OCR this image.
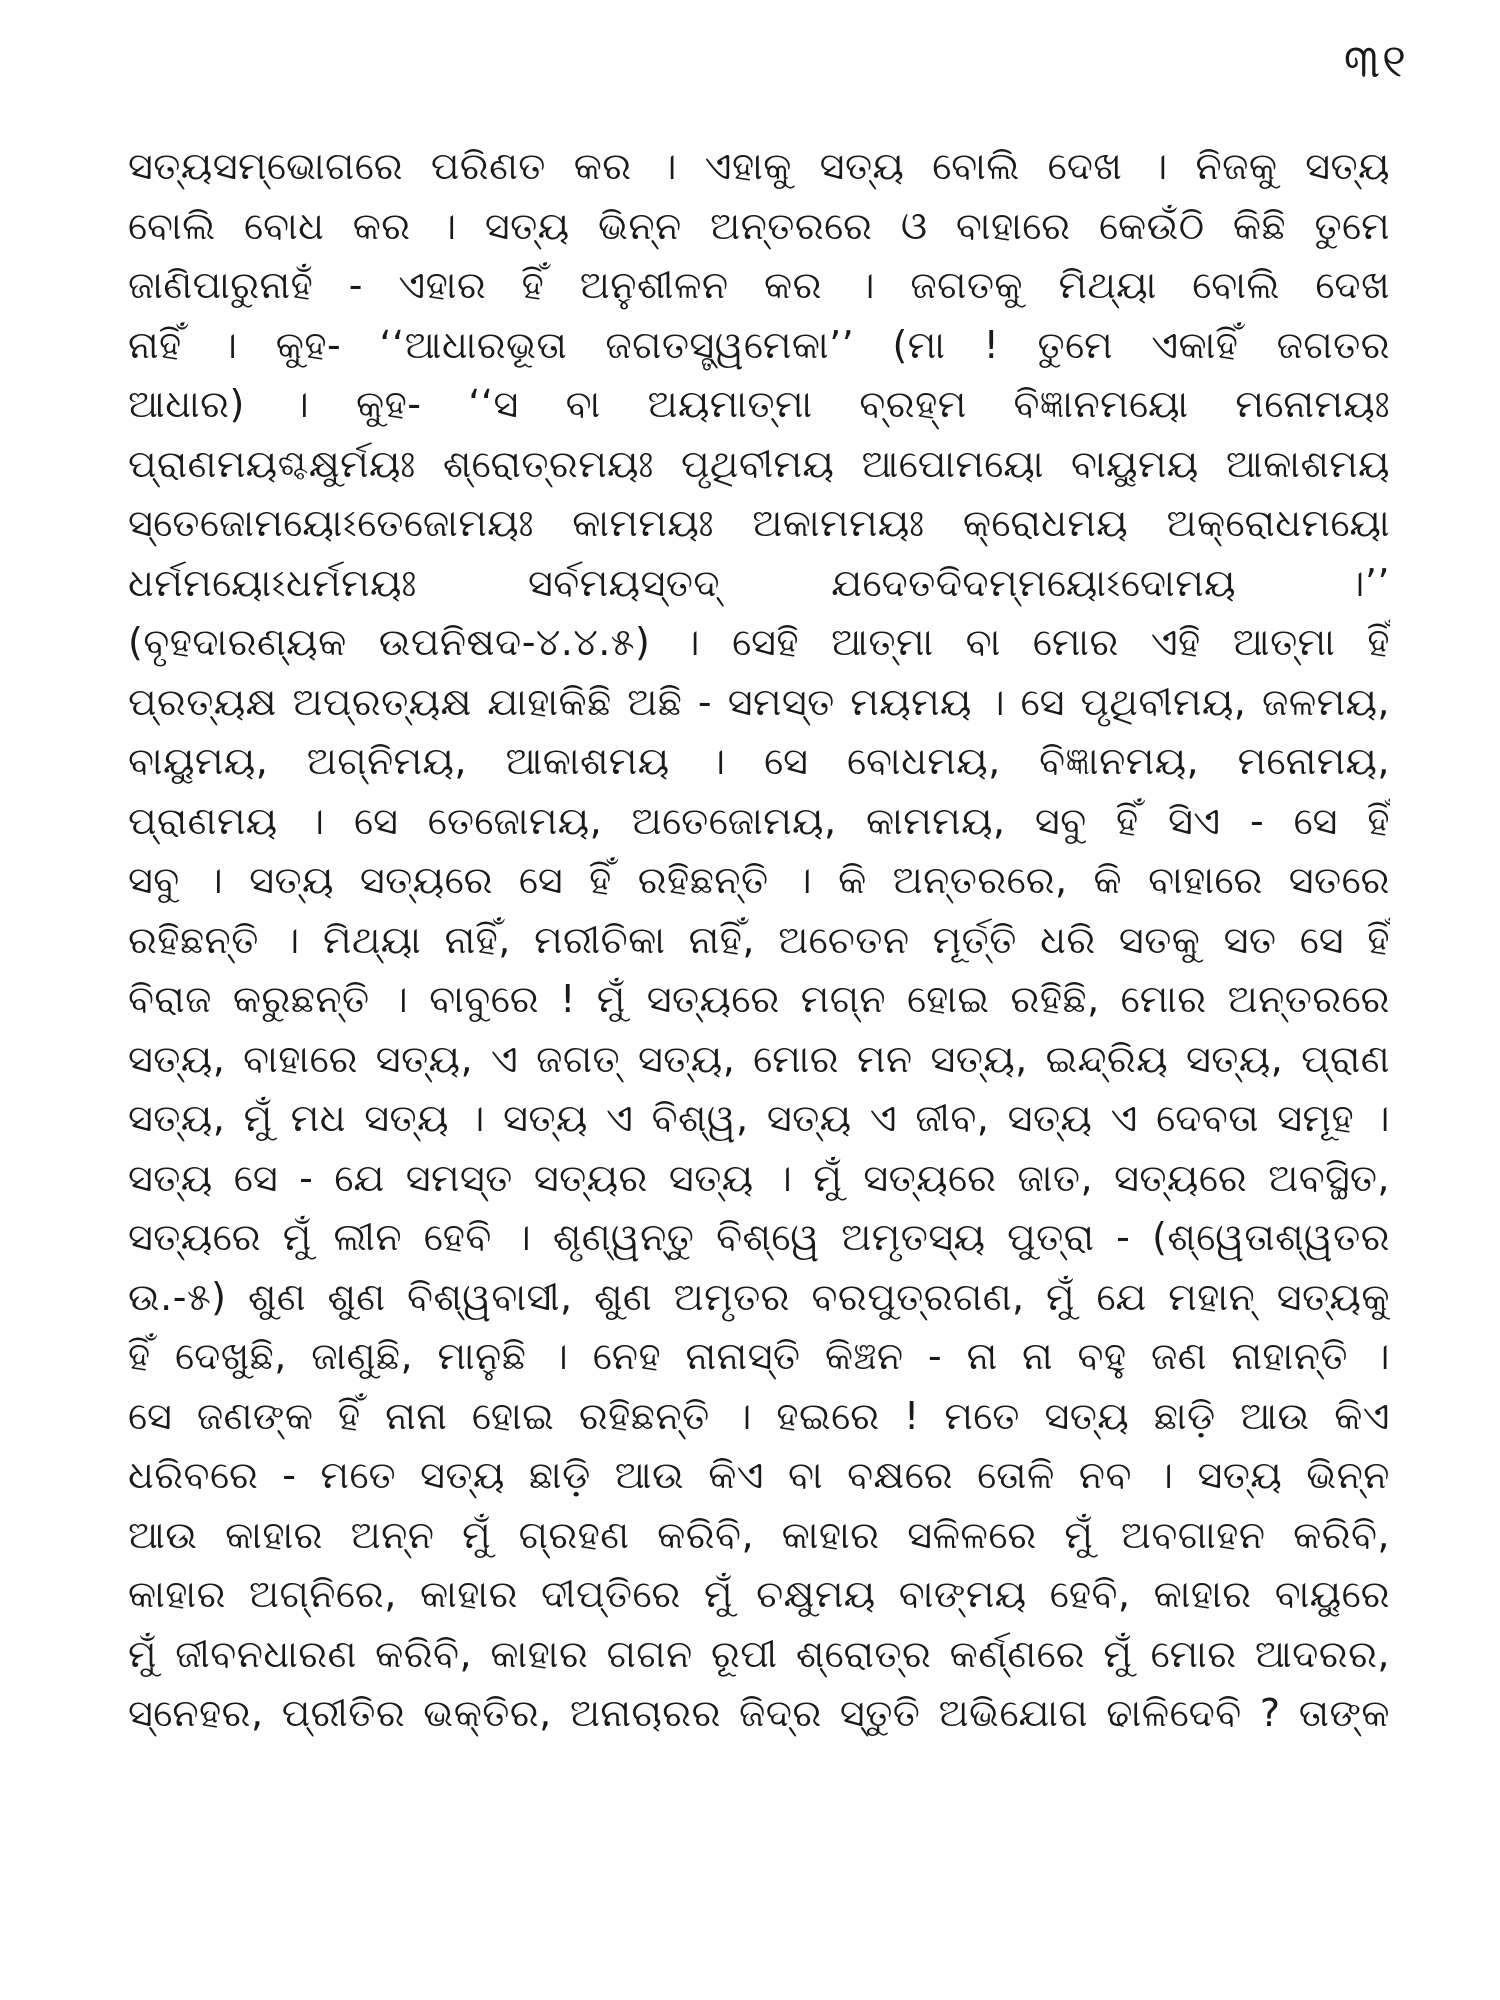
୩୧
ସତ୍ୟସମ୍ଭୋଗରେ ପରିଣତ କର । ଏହାକୁ ସତ୍ୟ ବୋଲି ଦେଖ । ନିଜକୁ ସତ୍ୟ
ବୋଲି ବୋଧ କର । ସତ୍ୟ ଭିନ୍ନ ଅନ୍ତରରେ ଓ ବାହାରେ କେଉଁଠି କିଛି ତୁମେ
ଜାଣିପାରୁନାହଁ - ଏହାର ହିଁ ଅନୁଶୀଳନ କର । ଜଗତକୁ ମିଥ୍ୟା ବୋଲି ଦେଖ
ନାହିଁ । କୁହ- ‘‘ଆଧାରଭୂତା ଜଗତସ୍ତ୍ୱମେକା’’ (ମା ! ତୁମେ ଏକାହିଁ ଜଗତର
ଆଧାର) । କୁହ- ‘‘ସ ବା ଅୟମାତ୍ମା ବ୍ରହ୍ମ ବିଜ୍ଞାନମୟୋ ମନୋମୟଃ
ପ୍ରାଣମୟଶ୍ଚକ୍ଷୁର୍ମୟଃ ଶ୍ରୋତ୍ରମୟଃ ପୃଥିବୀମୟ ଆପୋମୟୋ ବାୟୁମୟ ଆକାଶମୟ
ସ୍ତେଜୋମୟୋଽତେଜୋମୟଃ କାମମୟଃ ଅକାମମୟଃ କ୍ରୋଧମୟ ଅକ୍ରୋଧମୟୋ
ଧର୍ମମୟୋଽଧର୍ମମୟଃ ସର୍ବମୟସ୍ତଦ୍ ଯଦେତଦିଦମ୍ମୟୋଽଦୋମୟ ।’’
(ବୃହଦାରଣ୍ୟକ ଉପନିଷଦ-୪.୪.୫) । ସେହି ଆତ୍ମା ବା ମୋର ଏହି ଆତ୍ମା ହିଁ
ପ୍ରତ୍ୟକ୍ଷ ଅପ୍ରତ୍ୟକ୍ଷ ଯାହାକିଛି ଅଛି - ସମସ୍ତ ମୟମୟ । ସେ ପୃଥିବୀମୟ, ଜଳମୟ,
ବାୟୁମୟ, ଅଗ୍ନିମୟ, ଆକାଶମୟ । ସେ ବୋଧମୟ, ବିଜ୍ଞାନମୟ, ମନୋମୟ,
ପ୍ରାଣମୟ । ସେ ତେଜୋମୟ, ଅତେଜୋମୟ, କାମମୟ, ସବୁ ହିଁ ସିଏ - ସେ ହିଁ
ସବୁ । ସତ୍ୟ ସତ୍ୟରେ ସେ ହିଁ ରହିଛନ୍ତି । କି ଅନ୍ତରରେ, କି ବାହାରେ ସତରେ
ରହିଛନ୍ତି । ମିଥ୍ୟା ନାହିଁ, ମରୀଚିକା ନାହିଁ, ଅଚେତନ ମୂର୍ତ୍ତି ଧରି ସତକୁ ସତ ସେ ହିଁ
ବିରାଜ କରୁଛନ୍ତି । ବାବୁରେ ! ମୁଁ ସତ୍ୟରେ ମଗ୍ନ ହୋଇ ରହିଛି, ମୋର ଅନ୍ତରରେ
ସତ୍ୟ, ବାହାରେ ସତ୍ୟ, ଏ ଜଗତ୍ ସତ୍ୟ, ମୋର ମନ ସତ୍ୟ, ଇନ୍ଦ୍ରିୟ ସତ୍ୟ, ପ୍ରାଣ
ସତ୍ୟ, ମୁଁ ମଧ ସତ୍ୟ । ସତ୍ୟ ଏ ବିଶ୍ୱ, ସତ୍ୟ ଏ ଜୀବ, ସତ୍ୟ ଏ ଦେବତା ସମୂହ ।
ସତ୍ୟ ସେ - ଯେ ସମସ୍ତ ସତ୍ୟର ସତ୍ୟ । ମୁଁ ସତ୍ୟରେ ଜାତ, ସତ୍ୟରେ ଅବସ୍ଥିତ,
ସତ୍ୟରେ ମୁଁ ଲୀନ ହେବି । ଶୃଣ୍ୱନ୍ତୁ ବିଶ୍ୱେ ଅମୃତସ୍ୟ ପୁତ୍ରା - (ଶ୍ୱେତାଶ୍ୱତର
ଉ.-୫) ଶୁଣ ଶୁଣ ବିଶ୍ୱବାସୀ, ଶୁଣ ଅମୃତର ବରପୁତ୍ରଗଣ, ମୁଁ ଯେ ମହାନ୍ ସତ୍ୟକୁ
ହିଁ ଦେଖୁଛି, ଜାଣୁଛି, ମାନୁଛି । ନେହ ନାନାସ୍ତି କିଞ୍ଚନ - ନା ନା ବହୁ ଜଣ ନାହାନ୍ତି ।
ସେ ଜଣଙ୍କ ହିଁ ନାନା ହୋଇ ରହିଛନ୍ତି । ହଇରେ ! ମତେ ସତ୍ୟ ଛାଡ଼ି ଆଉ କିଏ
ଧରିବରେ - ମତେ ସତ୍ୟ ଛାଡ଼ି ଆଉ କିଏ ବା ବକ୍ଷରେ ତୋଳି ନବ । ସତ୍ୟ ଭିନ୍ନ
ଆଉ କାହାର ଅନ୍ନ ମୁଁ ଗ୍ରହଣ କରିବି, କାହାର ସଳିଳରେ ମୁଁ ଅବଗାହନ କରିବି,
କାହାର ଅଗ୍ନିରେ, କାହାର ଦୀପ୍ତିରେ ମୁଁ ଚକ୍ଷୁମୟ ବାଙ୍ମୟ ହେବି, କାହାର ବାୟୁରେ
ମୁଁ ଜୀବନଧାରଣ କରିବି, କାହାର ଗଗନ ରୂପୀ ଶ୍ରୋତ୍ର କର୍ଣ୍ଣରେ ମୁଁ ମୋର ଆଦରର,
ସ୍ନେହର, ପ୍ରୀତିର ଭକ୍ତିର, ଅନାଚାରର ଜିଦ୍‌ର ସ୍ତୁତି ଅଭିଯୋଗ ଢାଳିଦେବି ? ତାଙ୍କ
